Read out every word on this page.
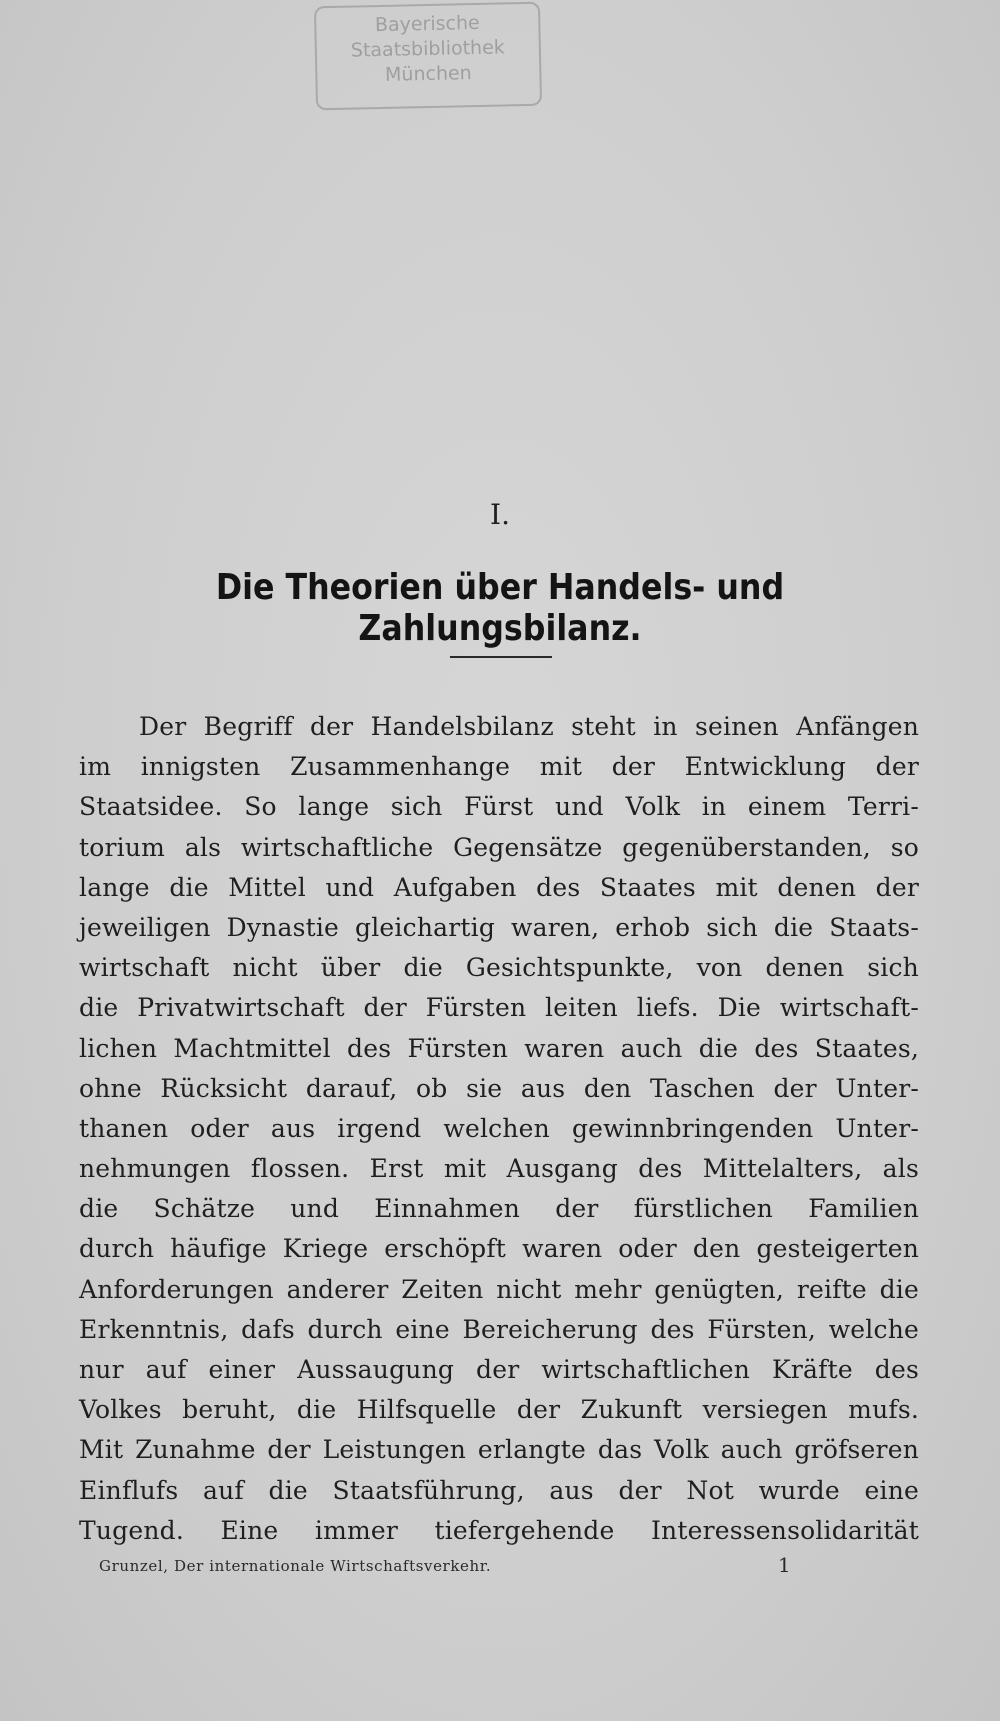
Bayerische
Staatsbibliothek
München
I.
Die Theorien über Handels- und Zahlungsbilanz.
Der Begriff der Handelsbilanz steht in seinen Anfängen
im innigsten Zusammenhange mit der Entwicklung der
Staatsidee. So lange sich Fürst und Volk in einem Terri-
torium als wirtschaftliche Gegensätze gegenüberstanden, so
lange die Mittel und Aufgaben des Staates mit denen der
jeweiligen Dynastie gleichartig waren, erhob sich die Staats-
wirtschaft nicht über die Gesichtspunkte, von denen sich
die Privatwirtschaft der Fürsten leiten liefs. Die wirtschaft-
lichen Machtmittel des Fürsten waren auch die des Staates,
ohne Rücksicht darauf, ob sie aus den Taschen der Unter-
thanen oder aus irgend welchen gewinnbringenden Unter-
nehmungen flossen. Erst mit Ausgang des Mittelalters, als
die Schätze und Einnahmen der fürstlichen Familien
durch häufige Kriege erschöpft waren oder den gesteigerten
Anforderungen anderer Zeiten nicht mehr genügten, reifte die
Erkenntnis, dafs durch eine Bereicherung des Fürsten, welche
nur auf einer Aussaugung der wirtschaftlichen Kräfte des
Volkes beruht, die Hilfsquelle der Zukunft versiegen mufs.
Mit Zunahme der Leistungen erlangte das Volk auch gröfseren
Einflufs auf die Staatsführung, aus der Not wurde eine
Tugend. Eine immer tiefergehende Interessensolidarität
Grunzel, Der internationale Wirtschaftsverkehr.	1
